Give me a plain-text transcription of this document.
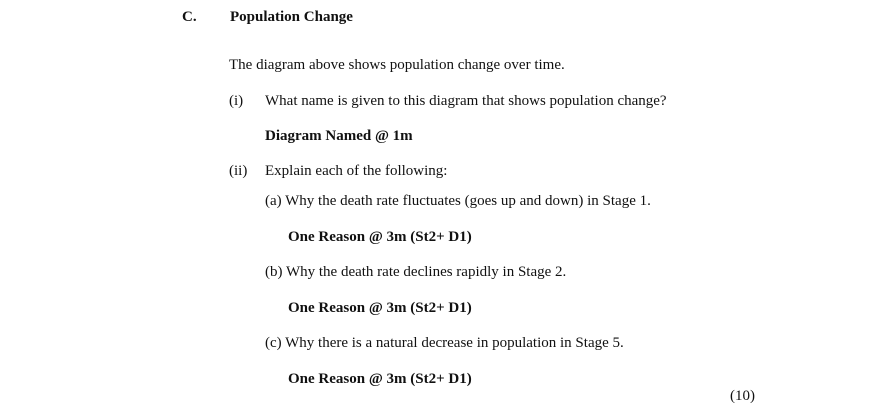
C. Population Change
The diagram above shows population change over time.
(i) What name is given to this diagram that shows population change?
Diagram Named @ 1m
(ii) Explain each of the following:
(a) Why the death rate fluctuates (goes up and down) in Stage 1.
One Reason @ 3m (St2+ D1)
(b) Why the death rate declines rapidly in Stage 2.
One Reason @ 3m (St2+ D1)
(c) Why there is a natural decrease in population in Stage 5.
One Reason @ 3m (St2+ D1)
(10)
